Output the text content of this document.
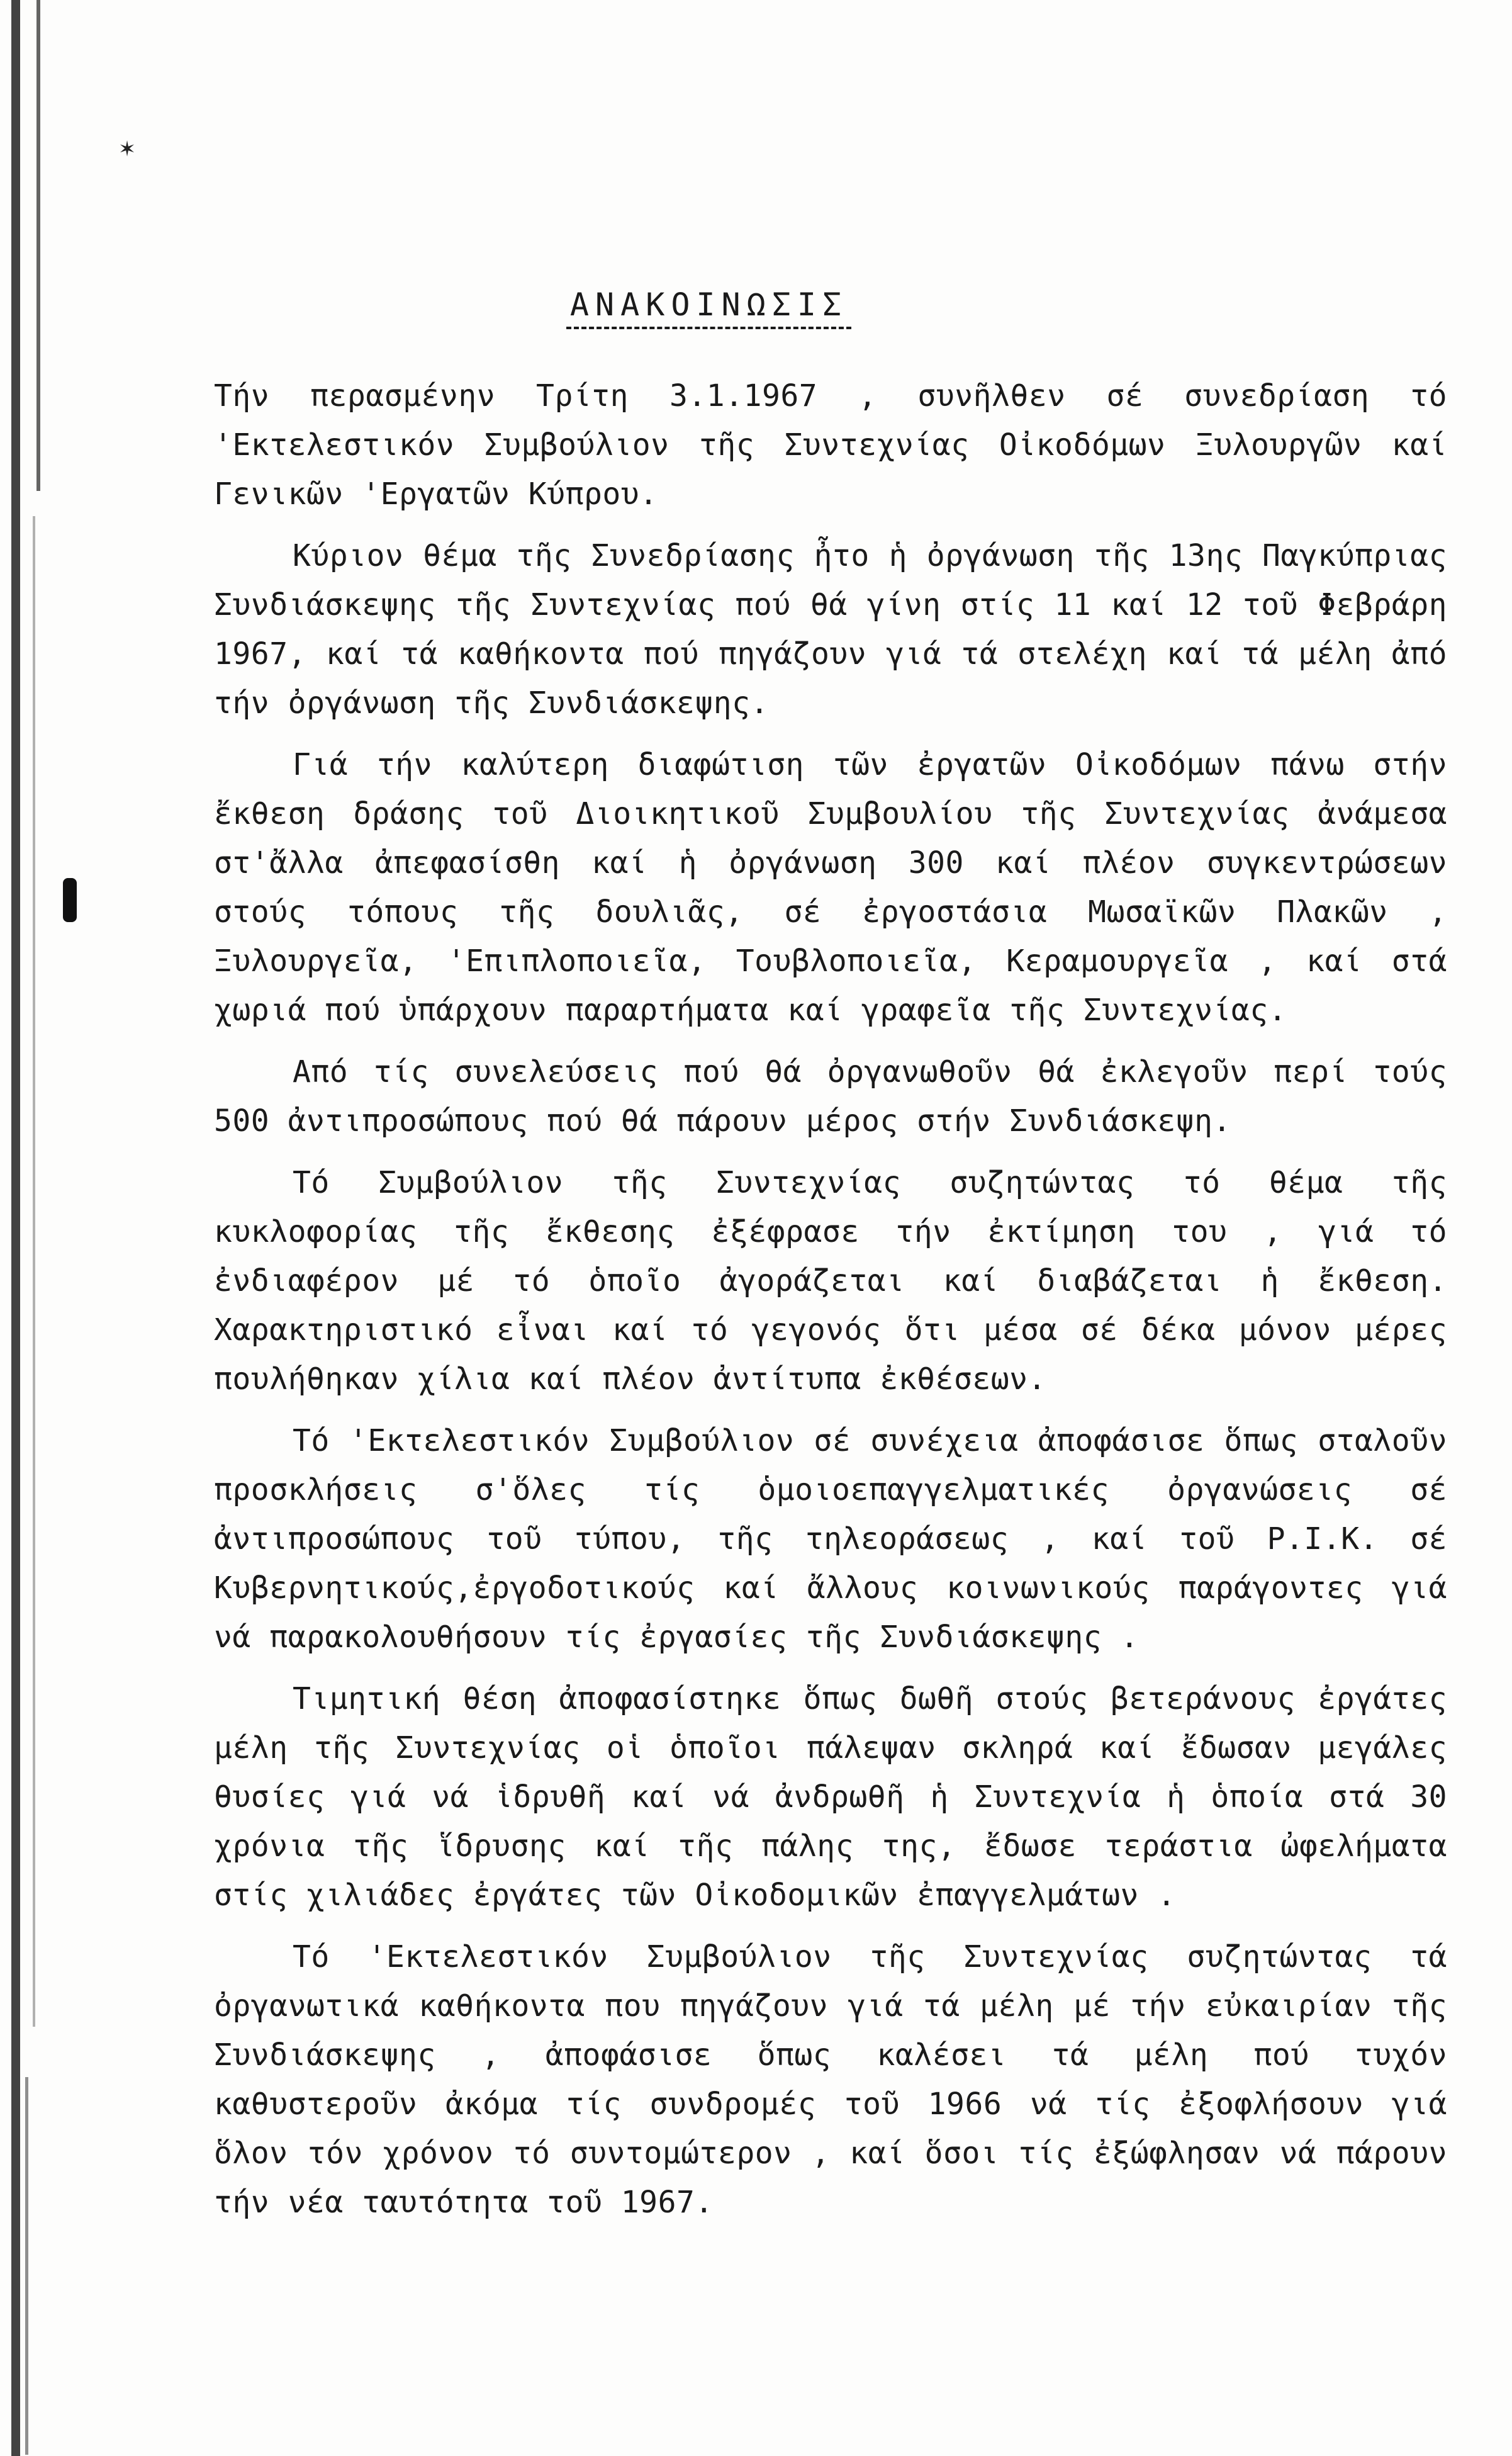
✶
ΑΝΑΚΟΙΝΩΣΙΣ

Τήν περασμένην Τρίτη 3.1.1967 , συνῆλθεν σέ συνεδρίαση τό 'Εκτελεστικόν Συμβούλιον τῆς Συντεχνίας Οἰκοδόμων Ξυλουργῶν καί Γενικῶν 'Εργατῶν Κύπρου.

Κύριον θέμα τῆς Συνεδρίασης ἦτο ἡ ὀργάνωση τῆς 13ης Παγκύπριας Συνδιάσκεψης τῆς Συντεχνίας πού θά γίνη στίς 11 καί 12 τοῦ Φεβράρη 1967, καί τά καθήκοντα πού πηγάζουν γιά τά στελέχη καί τά μέλη ἀπό τήν ὀργάνωση τῆς Συνδιάσκεψης.

Γιά τήν καλύτερη διαφώτιση τῶν ἐργατῶν Οἰκοδόμων πάνω στήν ἔκθεση δράσης τοῦ Διοικητικοῦ Συμβουλίου τῆς Συντεχνίας ἀνάμεσα στ'ἄλλα ἀπεφασίσθη καί ἡ ὀργάνωση 300 καί πλέον συγκεντρώσεων στούς τόπους τῆς δουλιᾶς, σέ ἐργοστάσια Μωσαϊκῶν Πλακῶν , Ξυλουργεῖα, 'Επιπλοποιεῖα, Τουβλοποιεῖα, Κεραμουργεῖα , καί στά χωριά πού ὑπάρχουν παραρτήματα καί γραφεῖα τῆς Συντεχνίας.

Από τίς συνελεύσεις πού θά ὀργανωθοῦν θά ἐκλεγοῦν περί τούς 500 ἀντιπροσώπους πού θά πάρουν μέρος στήν Συνδιάσκεψη.

Τό Συμβούλιον τῆς Συντεχνίας συζητώντας τό θέμα τῆς κυκλοφορίας τῆς ἔκθεσης ἐξέφρασε τήν ἐκτίμηση του , γιά τό ἐνδιαφέρον μέ τό ὁποῖο ἀγοράζεται καί διαβάζεται ἡ ἔκθεση. Χαρακτηριστικό εἶναι καί τό γεγονός ὅτι μέσα σέ δέκα μόνον μέρες πουλήθηκαν χίλια καί πλέον ἀντίτυπα ἐκθέσεων.

Τό 'Εκτελεστικόν Συμβούλιον σέ συνέχεια ἀποφάσισε ὅπως σταλοῦν προσκλήσεις σ'ὅλες τίς ὁμοιοεπαγγελματικές ὀργανώσεις σέ ἀντιπροσώπους τοῦ τύπου, τῆς τηλεοράσεως , καί τοῦ Ρ.Ι.Κ. σέ Κυβερνητικούς,ἐργοδοτικούς καί ἄλλους κοινωνικούς παράγοντες γιά νά παρακολουθήσουν τίς ἐργασίες τῆς Συνδιάσκεψης .

Τιμητική θέση ἀποφασίστηκε ὅπως δωθῆ στούς βετεράνους ἐργάτες μέλη τῆς Συντεχνίας οἱ ὁποῖοι πάλεψαν σκληρά καί ἔδωσαν μεγάλες θυσίες γιά νά ἱδρυθῆ καί νά ἀνδρωθῆ ἡ Συντεχνία ἡ ὁποία στά 30 χρόνια τῆς ἵδρυσης καί τῆς πάλης της, ἔδωσε τεράστια ὠφελήματα στίς χιλιάδες ἐργάτες τῶν Οἰκοδομικῶν ἐπαγγελμάτων .

Τό 'Εκτελεστικόν Συμβούλιον τῆς Συντεχνίας συζητώντας τά ὀργανωτικά καθήκοντα που πηγάζουν γιά τά μέλη μέ τήν εὐκαιρίαν τῆς Συνδιάσκεψης , ἀποφάσισε ὅπως καλέσει τά μέλη πού τυχόν καθυστεροῦν ἀκόμα τίς συνδρομές τοῦ 1966 νά τίς ἐξοφλήσουν γιά ὅλον τόν χρόνον τό συντομώτερον , καί ὅσοι τίς ἐξώφλησαν νά πάρουν τήν νέα ταυτότητα τοῦ 1967.
